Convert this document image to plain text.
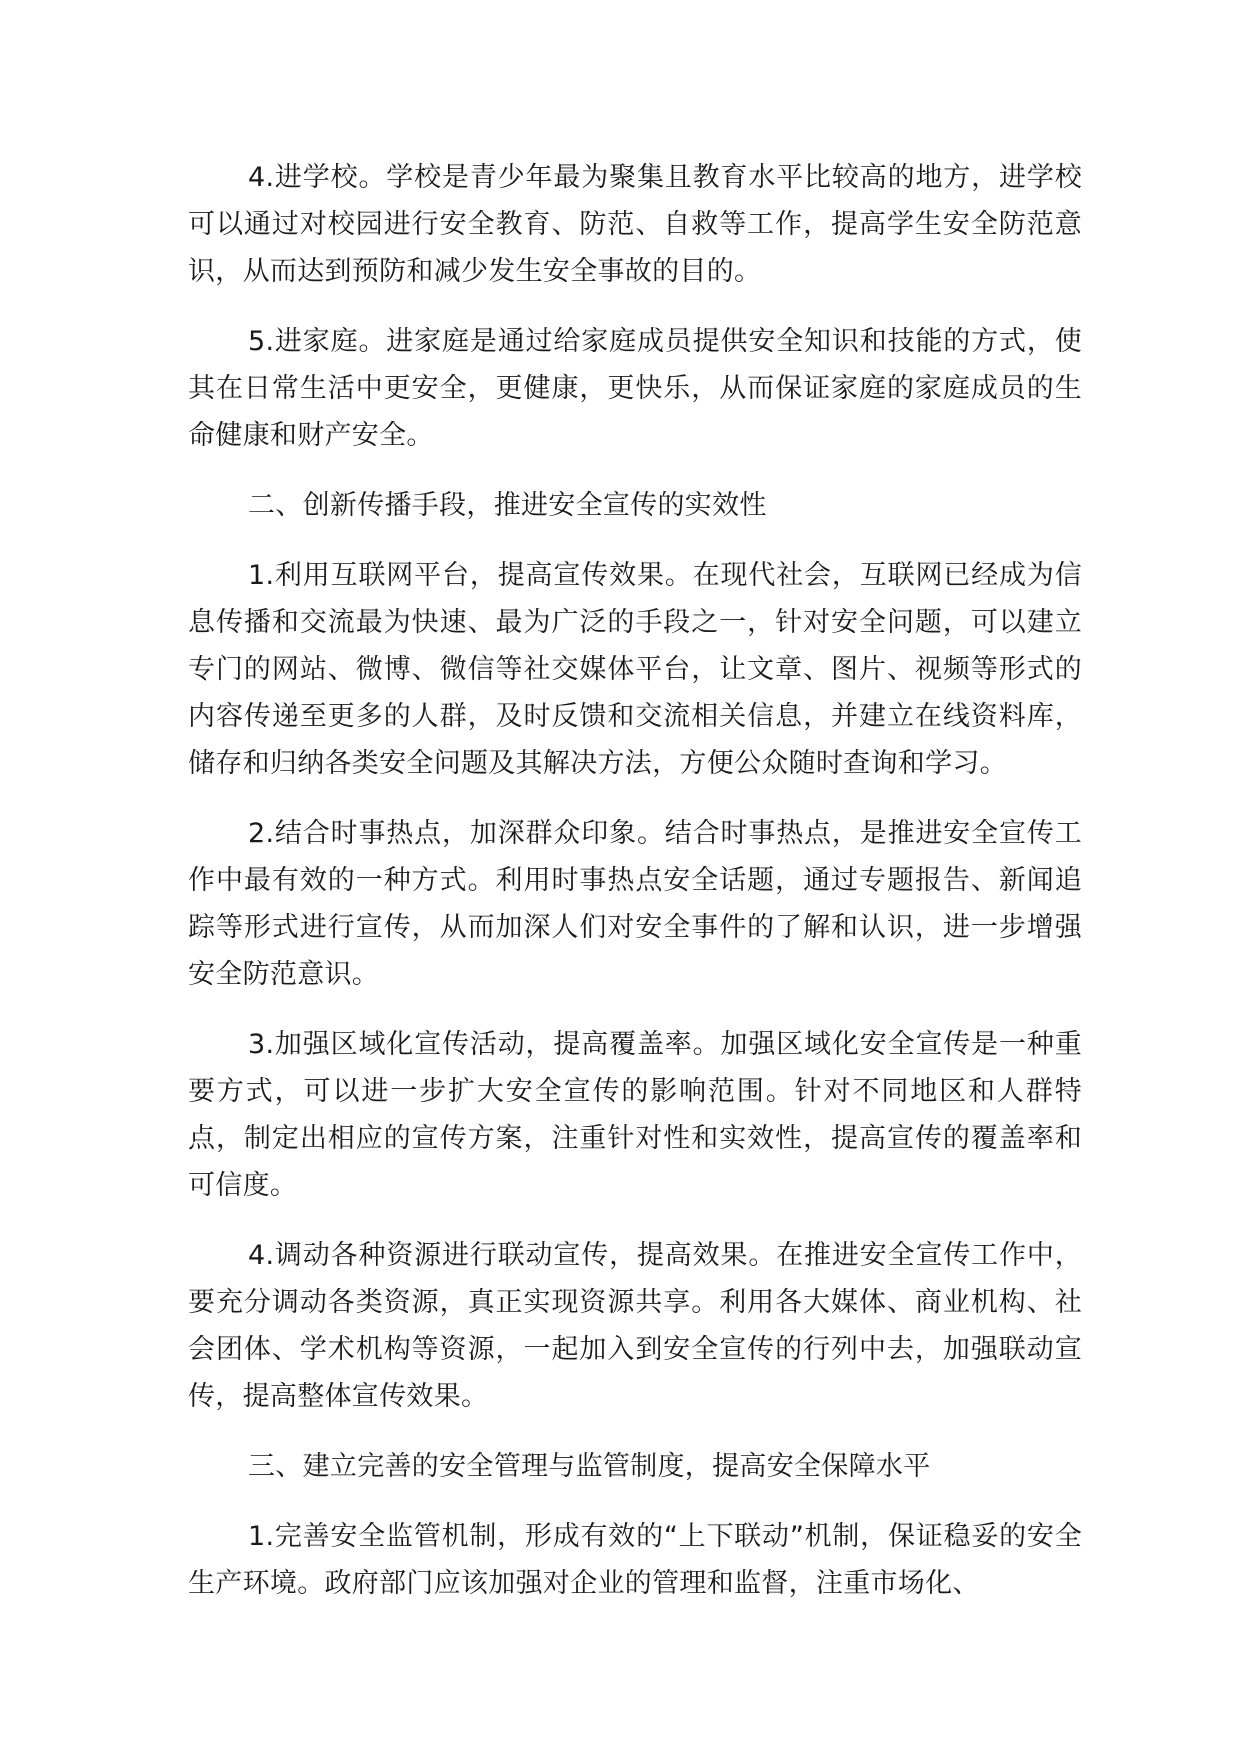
4.进学校。学校是青少年最为聚集且教育水平比较高的地方，进学校可以通过对校园进行安全教育、防范、自救等工作，提高学生安全防范意识，从而达到预防和减少发生安全事故的目的。

5.进家庭。进家庭是通过给家庭成员提供安全知识和技能的方式，使其在日常生活中更安全，更健康，更快乐，从而保证家庭的家庭成员的生命健康和财产安全。

二、创新传播手段，推进安全宣传的实效性

1.利用互联网平台，提高宣传效果。在现代社会，互联网已经成为信息传播和交流最为快速、最为广泛的手段之一，针对安全问题，可以建立专门的网站、微博、微信等社交媒体平台，让文章、图片、视频等形式的内容传递至更多的人群，及时反馈和交流相关信息，并建立在线资料库，储存和归纳各类安全问题及其解决方法，方便公众随时查询和学习。

2.结合时事热点，加深群众印象。结合时事热点，是推进安全宣传工作中最有效的一种方式。利用时事热点安全话题，通过专题报告、新闻追踪等形式进行宣传，从而加深人们对安全事件的了解和认识，进一步增强安全防范意识。

3.加强区域化宣传活动，提高覆盖率。加强区域化安全宣传是一种重要方式，可以进一步扩大安全宣传的影响范围。针对不同地区和人群特点，制定出相应的宣传方案，注重针对性和实效性，提高宣传的覆盖率和可信度。

4.调动各种资源进行联动宣传，提高效果。在推进安全宣传工作中，要充分调动各类资源，真正实现资源共享。利用各大媒体、商业机构、社会团体、学术机构等资源，一起加入到安全宣传的行列中去，加强联动宣传，提高整体宣传效果。

三、建立完善的安全管理与监管制度，提高安全保障水平

1.完善安全监管机制，形成有效的“上下联动”机制，保证稳妥的安全生产环境。政府部门应该加强对企业的管理和监督，注重市场化、
